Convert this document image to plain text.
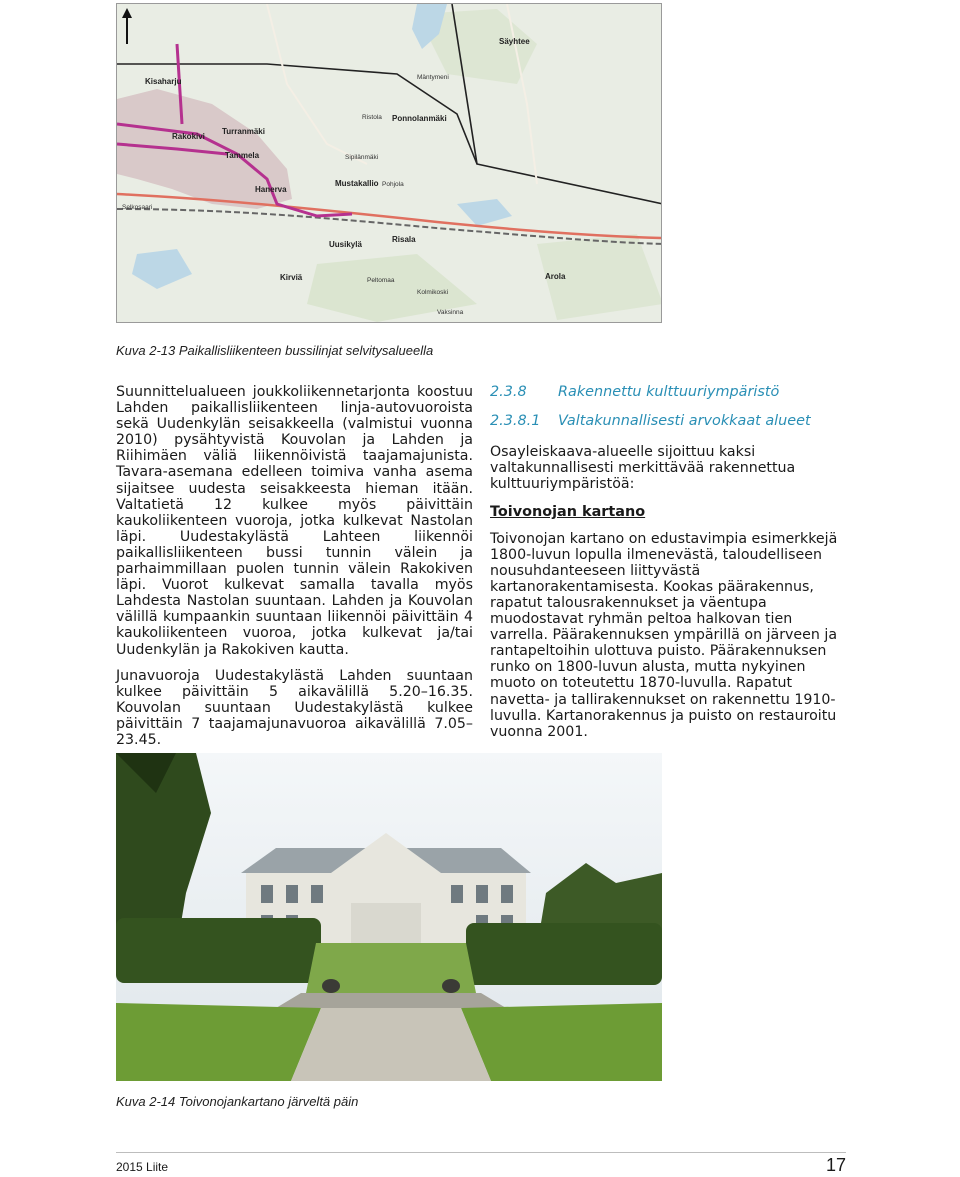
Kisaharju
Rakokivi
Tammela
Turranmäki
Ponnolanmäki
Ristola
Mustakallio
Hanerva
Uusikylä
Risala
Kirviä	Arola
Säyhtee
Selkosaari
Mäntymeni
Sipilänmäki
Pohjola
Peltomaa
Kolmikoski
Vaksinna
Kuva 2-13 Paikallisliikenteen bussilinjat selvitysalueella

Suunnittelualueen joukkoliikennetarjonta koostuu Lahden paikallisliikenteen linja-autovuoroista sekä Uudenkylän seisakkeella (valmistui vuonna 2010) pysähtyvistä Kouvolan ja Lahden ja Riihimäen väliä liikennöivistä taajamajunista. Tavara-asemana edelleen toimiva vanha asema sijaitsee uudesta seisakkeesta hieman itään. Valtatietä 12 kulkee myös päivittäin kaukoliikenteen vuoroja, jotka kulkevat Nastolan läpi. Uudestakylästä Lahteen liikennöi paikallisliikenteen bussi tunnin välein ja parhaimmillaan puolen tunnin välein Rakokiven läpi. Vuorot kulkevat samalla tavalla myös Lahdesta Nastolan suuntaan. Lahden ja Kouvolan välillä kumpaankin suuntaan liikennöi päivittäin 4 kaukoliikenteen vuoroa, jotka kulkevat ja/tai Uudenkylän ja Rakokiven kautta.

Junavuoroja Uudestakylästä Lahden suuntaan kulkee päivittäin 5 aikavälillä 5.20–16.35. Kouvolan suuntaan Uudestakylästä kulkee päivittäin 7 taajamajunavuoroa aikavälillä 7.05–23.45.

2.3.8 Rakennettu kulttuuriympäristö
2.3.8.1 Valtakunnallisesti arvokkaat alueet

Osayleiskaava-alueelle sijoittuu kaksi valtakunnallisesti merkittävää rakennettua kulttuuriympäristöä:

Toivonojan kartano

Toivonojan kartano on edustavimpia esimerkkejä 1800-luvun lopulla ilmenevästä, taloudelliseen nousuhdanteeseen liittyvästä kartanorakentamisesta. Kookas päärakennus, rapatut talousrakennukset ja väentupa muodostavat ryhmän peltoa halkovan tien varrella. Päärakennuksen ympärillä on järveen ja rantapeltoihin ulottuva puisto. Päärakennuksen runko on 1800-luvun alusta, mutta nykyinen muoto on toteutettu 1870-luvulla. Rapatut navetta- ja tallirakennukset on rakennettu 1910-luvulla. Kartanorakennus ja puisto on restauroitu vuonna 2001.

Kuva 2-14 Toivonojankartano järveltä päin
2015 Liite	17
